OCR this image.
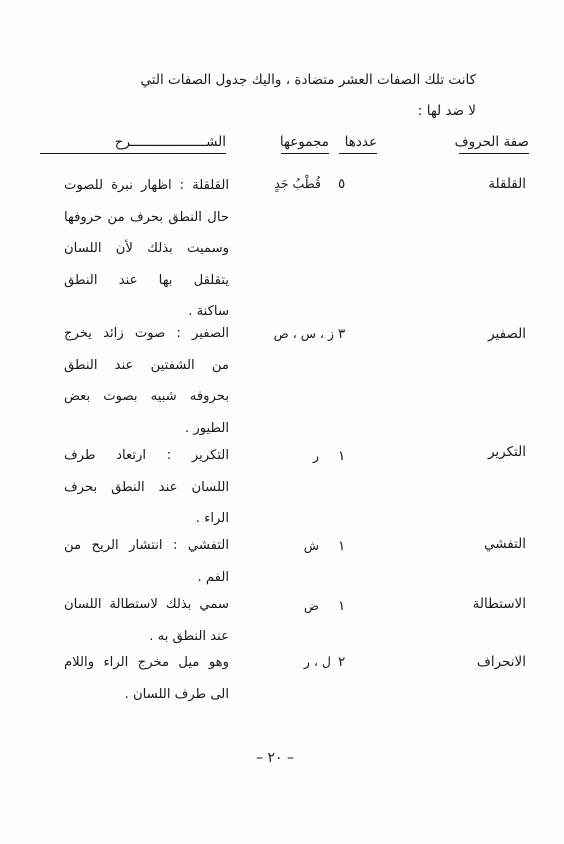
كانت تلك الصفات العشر متضادة ، واليك جدول الصفات التي
لا ضد لها :
صفة الحروف
عددها
مجموعها
الشـــــــــــــــــــرح
القلقلة
٥
قُطْبُ جَدٍ
القلقلة : اظهار نبرة للصوت
حال النطق بحرف من حروفها
وسميت بذلك لأن اللسان
يتقلقل بها عند النطق
ساكنة .
الصفير
٣
ز ، س ، ص
الصفير : صوت زائد يخرج
من الشفتين عند النطق
بحروفه شبيه بصوت بعض
الطيور .
التكرير
١
ر
التكرير : ارتعاد طرف
اللسان عند النطق بحرف
الراء .
التفشي
١
ش
التفشي : انتشار الريح من
الفم .
الاستطالة
١
ض
سمي بذلك لاستطالة اللسان
عند النطق به .
الانحراف
٢
ل ، ر
وهو ميل مخرج الراء واللام
الى طرف اللسان .
– ٢٠ –
